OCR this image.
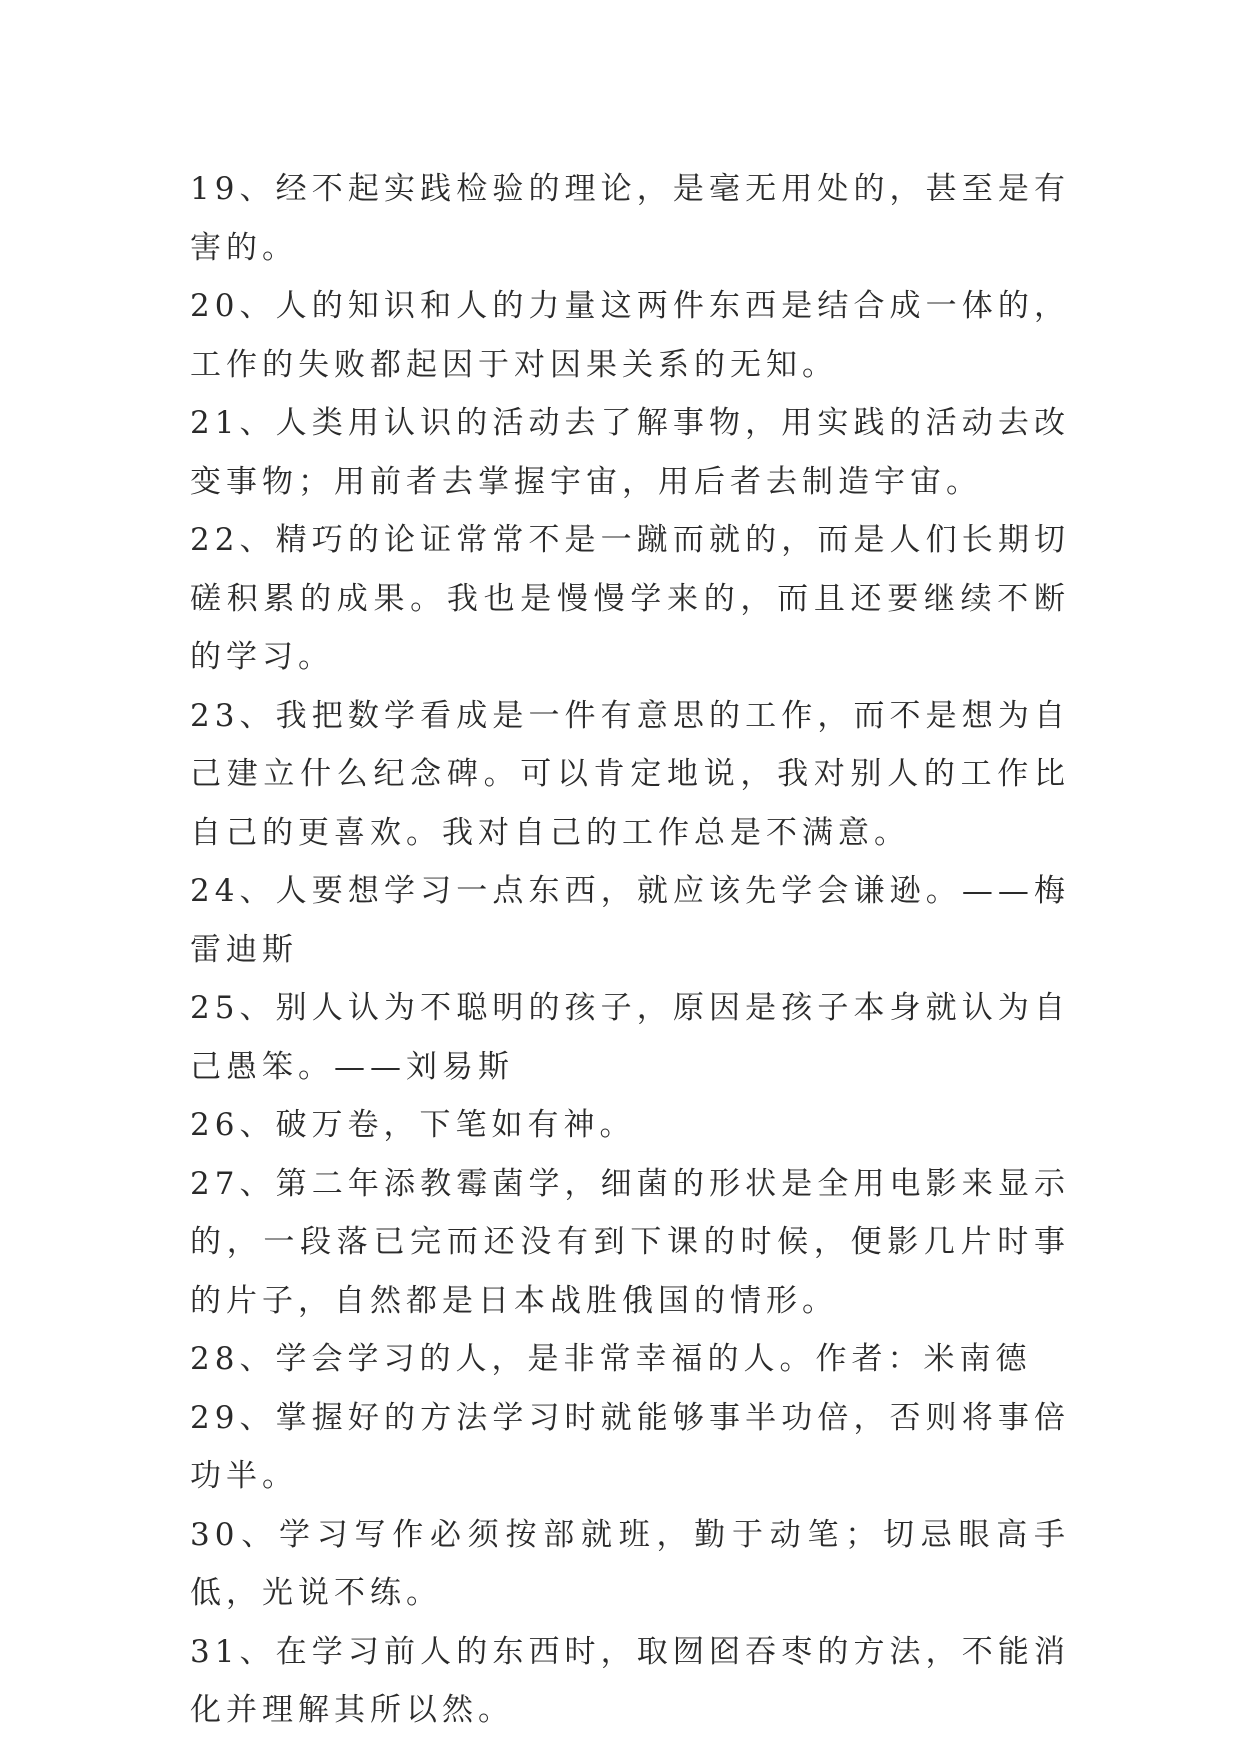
19、经不起实践检验的理论，是毫无用处的，甚至是有害的。

20、人的知识和人的力量这两件东西是结合成一体的，工作的失败都起因于对因果关系的无知。

21、人类用认识的活动去了解事物，用实践的活动去改变事物；用前者去掌握宇宙，用后者去制造宇宙。

22、精巧的论证常常不是一蹴而就的，而是人们长期切磋积累的成果。我也是慢慢学来的，而且还要继续不断的学习。

23、我把数学看成是一件有意思的工作，而不是想为自己建立什么纪念碑。可以肯定地说，我对别人的工作比自己的更喜欢。我对自己的工作总是不满意。

24、人要想学习一点东西，就应该先学会谦逊。——梅雷迪斯

25、别人认为不聪明的孩子，原因是孩子本身就认为自己愚笨。——刘易斯

26、破万卷，下笔如有神。

27、第二年添教霉菌学，细菌的形状是全用电影来显示的，一段落已完而还没有到下课的时候，便影几片时事的片子，自然都是日本战胜俄国的情形。

28、学会学习的人，是非常幸福的人。作者：米南德

29、掌握好的方法学习时就能够事半功倍，否则将事倍功半。

30、学习写作必须按部就班，勤于动笔；切忌眼高手低，光说不练。

31、在学习前人的东西时，取囫囵吞枣的方法，不能消化并理解其所以然。
